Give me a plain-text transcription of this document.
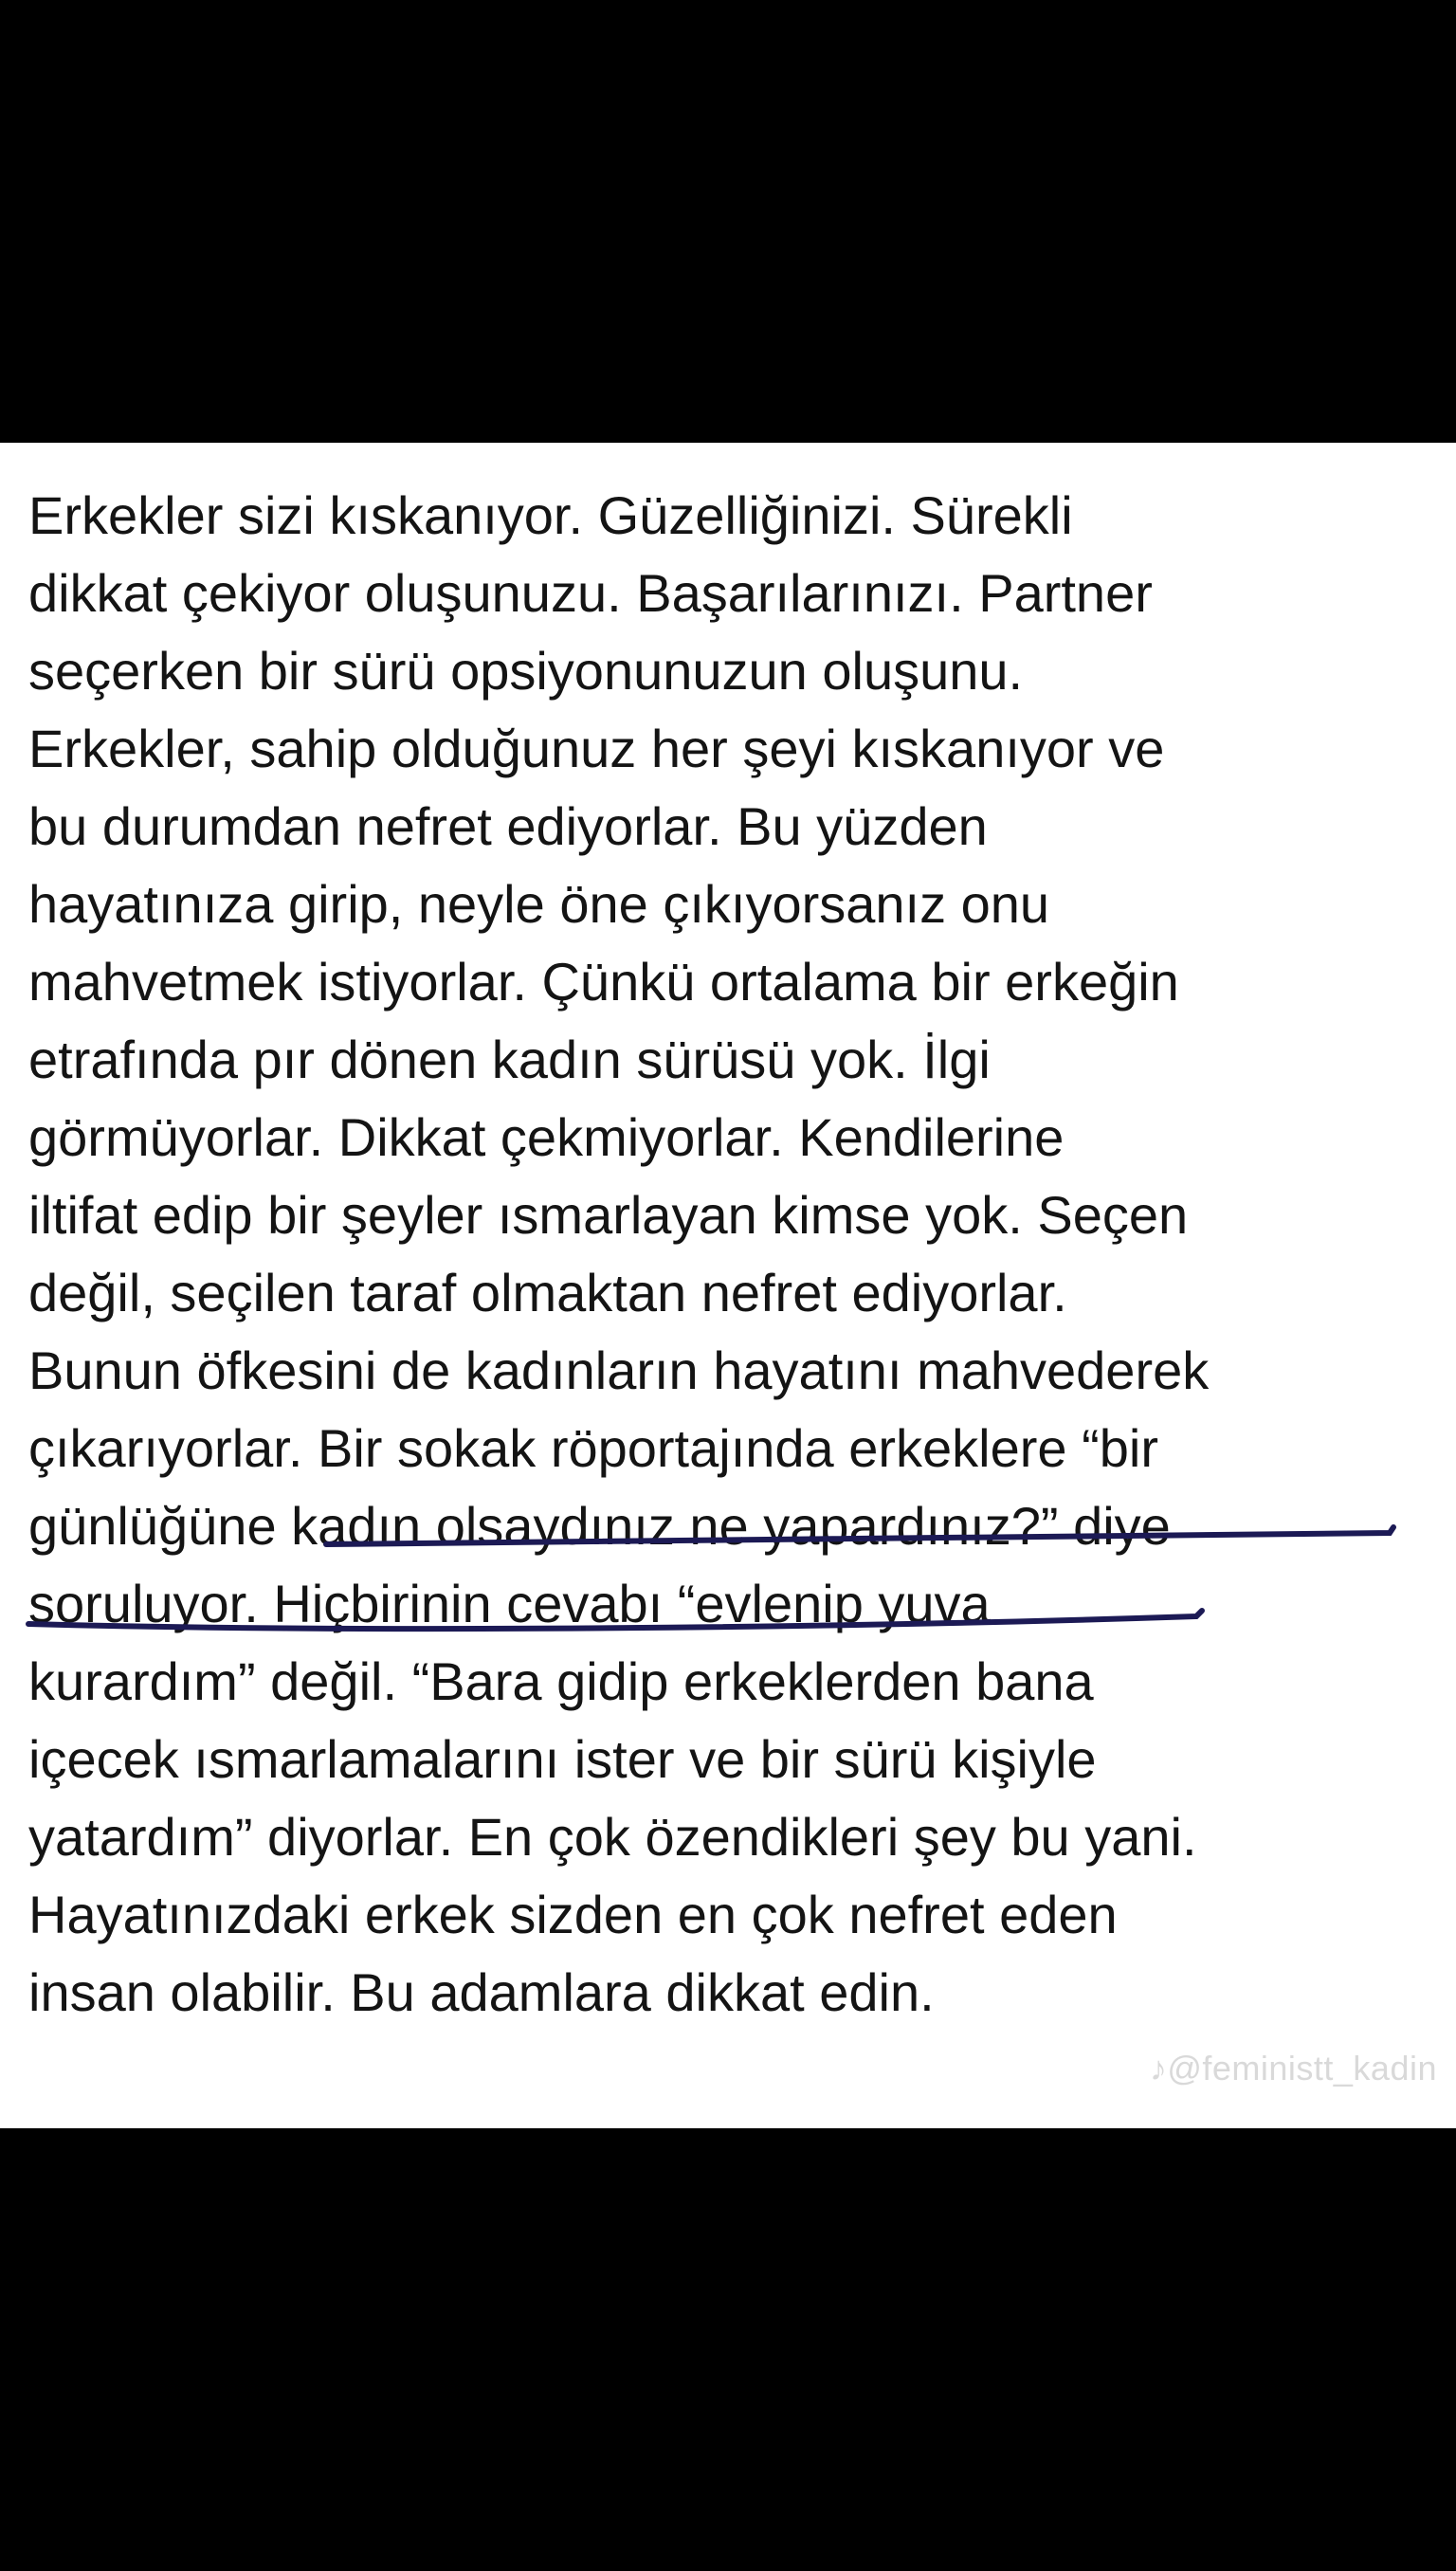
Erkekler sizi kıskanıyor. Güzelliğinizi. Sürekli
dikkat çekiyor oluşunuzu. Başarılarınızı. Partner
seçerken bir sürü opsiyonunuzun oluşunu.
Erkekler, sahip olduğunuz her şeyi kıskanıyor ve
bu durumdan nefret ediyorlar. Bu yüzden
hayatınıza girip, neyle öne çıkıyorsanız onu
mahvetmek istiyorlar. Çünkü ortalama bir erkeğin
etrafında pır dönen kadın sürüsü yok. İlgi
görmüyorlar. Dikkat çekmiyorlar. Kendilerine
iltifat edip bir şeyler ısmarlayan kimse yok. Seçen
değil, seçilen taraf olmaktan nefret ediyorlar.
Bunun öfkesini de kadınların hayatını mahvederek
çıkarıyorlar. Bir sokak röportajında erkeklere “bir
günlüğüne kadın olsaydınız ne yapardınız?” diye
soruluyor. Hiçbirinin cevabı “evlenip yuva
kurardım” değil. “Bara gidip erkeklerden bana
içecek ısmarlamalarını ister ve bir sürü kişiyle
yatardım” diyorlar. En çok özendikleri şey bu yani.
Hayatınızdaki erkek sizden en çok nefret eden
insan olabilir. Bu adamlara dikkat edin.
♪@feministt_kadin
